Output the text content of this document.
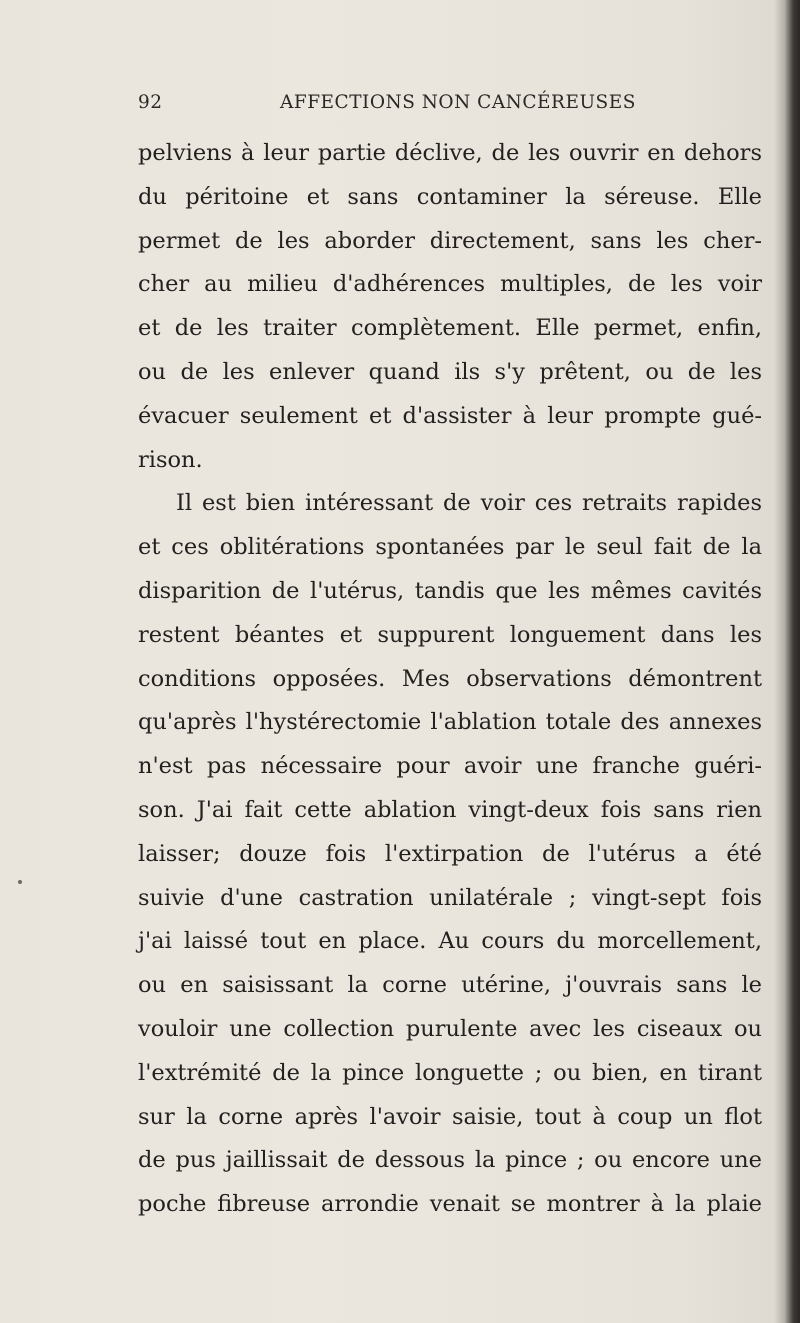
92	AFFECTIONS NON CANCÉREUSES
pelviens à leur partie déclive, de les ouvrir en dehors
du péritoine et sans contaminer la séreuse. Elle
permet de les aborder directement, sans les cher-
cher au milieu d'adhérences multiples, de les voir
et de les traiter complètement. Elle permet, enfin,
ou de les enlever quand ils s'y prêtent, ou de les
évacuer seulement et d'assister à leur prompte gué-
rison.
Il est bien intéressant de voir ces retraits rapides
et ces oblitérations spontanées par le seul fait de la
disparition de l'utérus, tandis que les mêmes cavités
restent béantes et suppurent longuement dans les
conditions opposées. Mes observations démontrent
qu'après l'hystérectomie l'ablation totale des annexes
n'est pas nécessaire pour avoir une franche guéri-
son. J'ai fait cette ablation vingt-deux fois sans rien
laisser; douze fois l'extirpation de l'utérus a été
suivie d'une castration unilatérale ; vingt-sept fois
j'ai laissé tout en place. Au cours du morcellement,
ou en saisissant la corne utérine, j'ouvrais sans le
vouloir une collection purulente avec les ciseaux ou
l'extrémité de la pince longuette ; ou bien, en tirant
sur la corne après l'avoir saisie, tout à coup un flot
de pus jaillissait de dessous la pince ; ou encore une
poche fibreuse arrondie venait se montrer à la plaie
